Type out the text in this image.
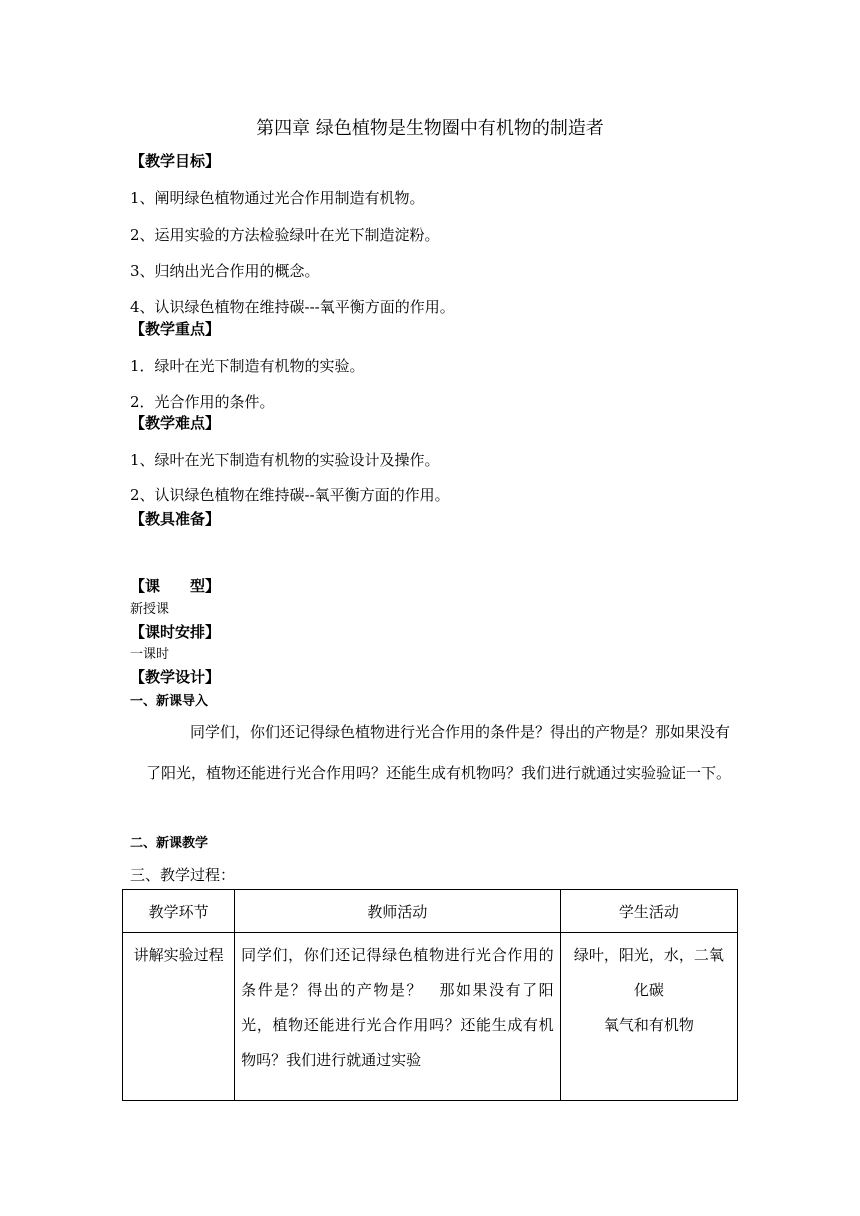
第四章 绿色植物是生物圈中有机物的制造者
【教学目标】
1、阐明绿色植物通过光合作用制造有机物。
2、运用实验的方法检验绿叶在光下制造淀粉。
3、归纳出光合作用的概念。
4、认识绿色植物在维持碳---氧平衡方面的作用。
【教学重点】
1．绿叶在光下制造有机物的实验。
2．光合作用的条件。
【教学难点】
1、绿叶在光下制造有机物的实验设计及操作。
2、认识绿色植物在维持碳--氧平衡方面的作用。
【教具准备】
【课　　型】
新授课
【课时安排】
一课时
【教学设计】
一、新课导入
同学们，你们还记得绿色植物进行光合作用的条件是？得出的产物是？那如果没有了阳光，植物还能进行光合作用吗？还能生成有机物吗？我们进行就通过实验验证一下。
二、新课教学
三、教学过程：
教学环节	教师活动	学生活动
讲解实验过程	同学们，你们还记得绿色植物进行光合作用的条件是？得出的产物是？　那如果没有了阳光，植物还能进行光合作用吗？还能生成有机物吗？我们进行就通过实验	绿叶，阳光，水，二氧化碳
氧气和有机物
